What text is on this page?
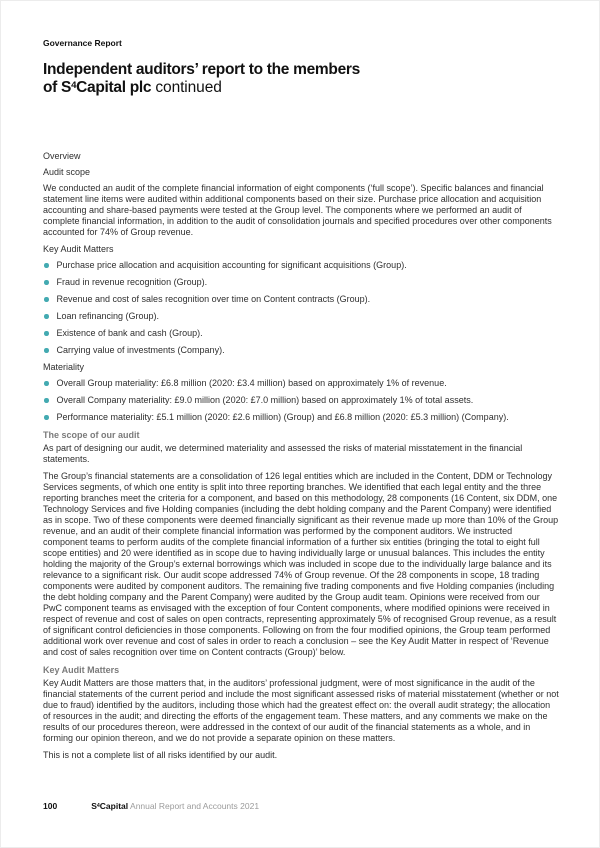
Governance Report
Independent auditors’ report to the members
of $S^4Capital$ plc continued
Overview
Audit scope

We conducted an audit of the complete financial information of eight components (‘full scope’). Specific balances and financial statement line items were audited within additional components based on their size. Purchase price allocation and acquisition accounting and share-based payments were tested at the Group level. The components where we performed an audit of complete financial information, in addition to the audit of consolidation journals and specified procedures over other components accounted for 74% of Group revenue.

Key Audit Matters
Purchase price allocation and acquisition accounting for significant acquisitions (Group).
Fraud in revenue recognition (Group).
Revenue and cost of sales recognition over time on Content contracts (Group).
Loan refinancing (Group).
Existence of bank and cash (Group).
Carrying value of investments (Company).
Materiality
Overall Group materiality: £6.8 million (2020: £3.4 million) based on approximately 1% of revenue.
Overall Company materiality: £9.0 million (2020: £7.0 million) based on approximately 1% of total assets.
Performance materiality: £5.1 million (2020: £2.6 million) (Group) and £6.8 million (2020: £5.3 million) (Company).
The scope of our audit

As part of designing our audit, we determined materiality and assessed the risks of material misstatement in the financial statements.

The Group’s financial statements are a consolidation of 126 legal entities which are included in the Content, DDM or Technology Services segments, of which one entity is split into three reporting branches. We identified that each legal entity and the three reporting branches meet the criteria for a component, and based on this methodology, 28 components (16 Content, six DDM, one Technology Services and five Holding companies (including the debt holding company and the Parent Company) were identified as in scope. Two of these components were deemed financially significant as their revenue made up more than 10% of the Group revenue, and an audit of their complete financial information was performed by the component auditors. We instructed component teams to perform audits of the complete financial information of a further six entities (bringing the total to eight full scope entities) and 20 were identified as in scope due to having individually large or unusual balances. This includes the entity holding the majority of the Group’s external borrowings which was included in scope due to the individually large balance and its relevance to a significant risk. Our audit scope addressed 74% of Group revenue. Of the 28 components in scope, 18 trading components were audited by component auditors. The remaining five trading components and five Holding companies (including the debt holding company and the Parent Company) were audited by the Group audit team. Opinions were received from our PwC component teams as envisaged with the exception of four Content components, where modified opinions were received in respect of revenue and cost of sales on open contracts, representing approximately 5% of recognised Group revenue, as a result of significant control deficiencies in those components. Following on from the four modified opinions, the Group team performed additional work over revenue and cost of sales in order to reach a conclusion – see the Key Audit Matter in respect of ‘Revenue and cost of sales recognition over time on Content contracts (Group)’ below.

Key Audit Matters

Key Audit Matters are those matters that, in the auditors’ professional judgment, were of most significance in the audit of the financial statements of the current period and include the most significant assessed risks of material misstatement (whether or not due to fraud) identified by the auditors, including those which had the greatest effect on: the overall audit strategy; the allocation of resources in the audit; and directing the efforts of the engagement team. These matters, and any comments we make on the results of our procedures thereon, were addressed in the context of our audit of the financial statements as a whole, and in forming our opinion thereon, and we do not provide a separate opinion on these matters.

This is not a complete list of all risks identified by our audit.

100	$S^4Capital$ Annual Report and Accounts 2021
